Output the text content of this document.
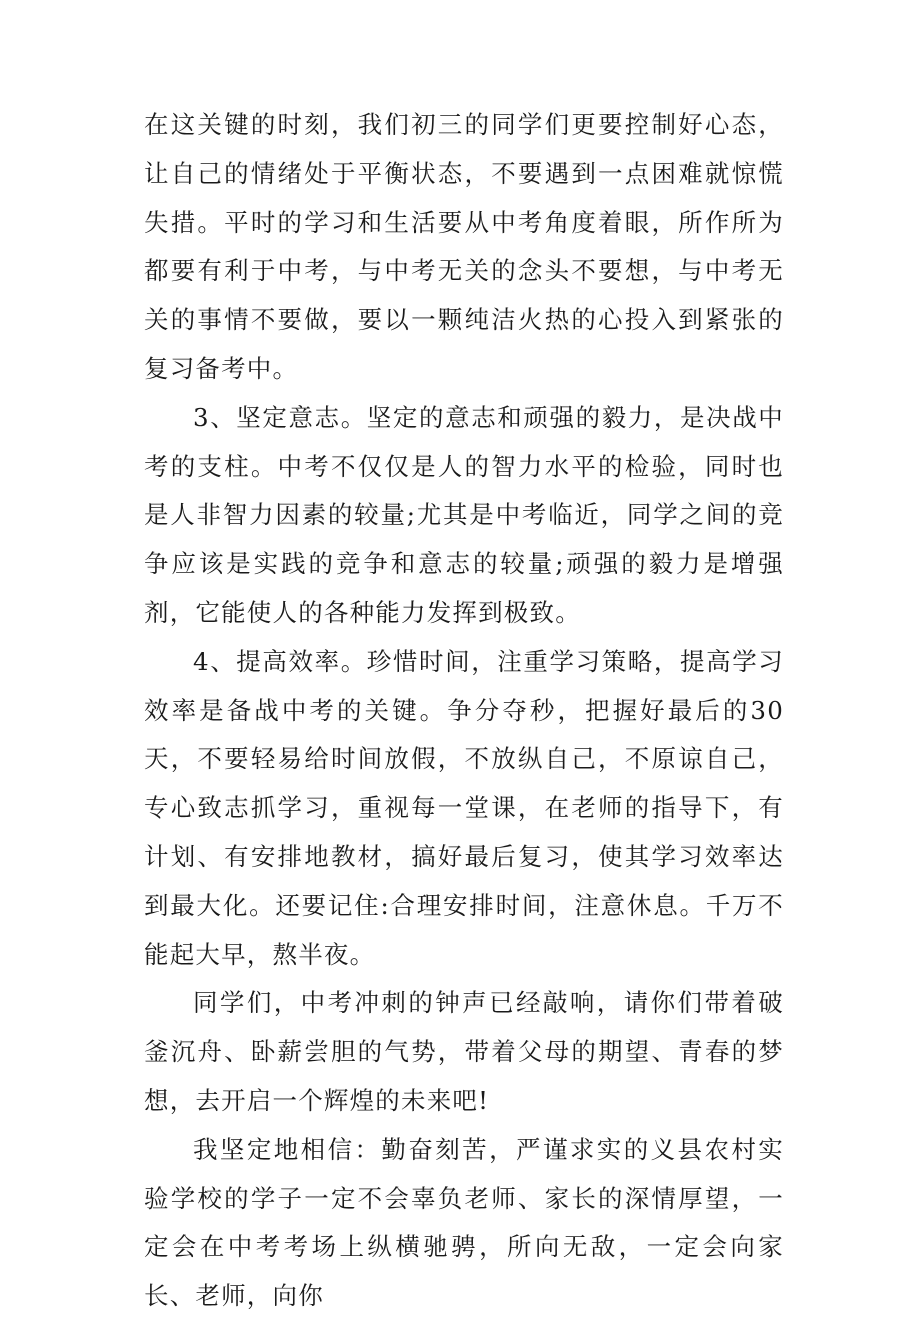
在这关键的时刻，我们初三的同学们更要控制好心态，让自己的情绪处于平衡状态，不要遇到一点困难就惊慌失措。平时的学习和生活要从中考角度着眼，所作所为都要有利于中考，与中考无关的念头不要想，与中考无关的事情不要做，要以一颗纯洁火热的心投入到紧张的复习备考中。

3、坚定意志。坚定的意志和顽强的毅力，是决战中考的支柱。中考不仅仅是人的智力水平的检验，同时也是人非智力因素的较量;尤其是中考临近，同学之间的竞争应该是实践的竞争和意志的较量;顽强的毅力是增强剂，它能使人的各种能力发挥到极致。

4、提高效率。珍惜时间，注重学习策略，提高学习效率是备战中考的关键。争分夺秒，把握好最后的30天，不要轻易给时间放假，不放纵自己，不原谅自己，专心致志抓学习，重视每一堂课，在老师的指导下，有计划、有安排地教材，搞好最后复习，使其学习效率达到最大化。还要记住:合理安排时间，注意休息。千万不能起大早，熬半夜。

同学们，中考冲刺的钟声已经敲响，请你们带着破釜沉舟、卧薪尝胆的气势，带着父母的期望、青春的梦想，去开启一个辉煌的未来吧!

我坚定地相信：勤奋刻苦，严谨求实的义县农村实验学校的学子一定不会辜负老师、家长的深情厚望，一定会在中考考场上纵横驰骋，所向无敌，一定会向家长、老师，向你
